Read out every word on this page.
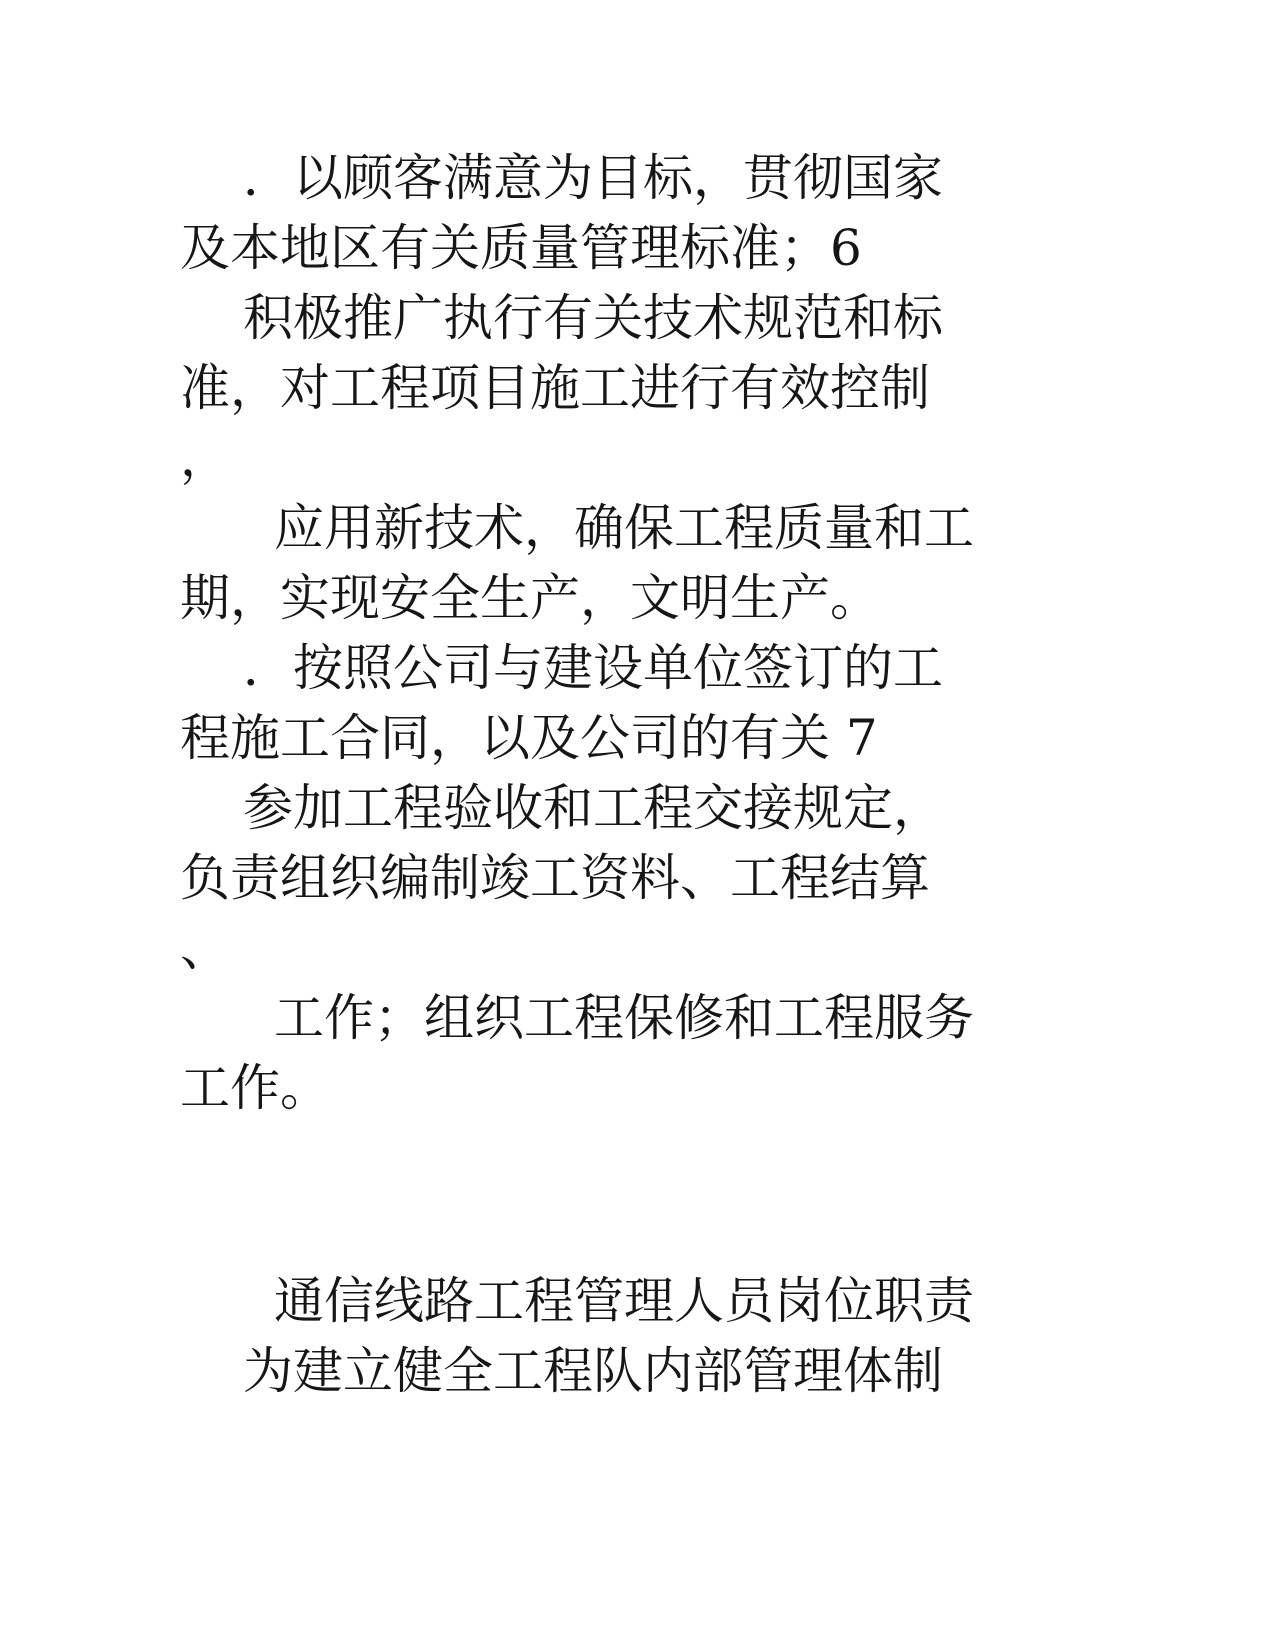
．以顾客满意为目标，贯彻国家
及本地区有关质量管理标准；6
积极推广执行有关技术规范和标
准，对工程项目施工进行有效控制
，
应用新技术，确保工程质量和工
期，实现安全生产，文明生产。
．按照公司与建设单位签订的工
程施工合同，以及公司的有关 7
参加工程验收和工程交接规定，
负责组织编制竣工资料、工程结算
、
工作；组织工程保修和工程服务
工作。
通信线路工程管理人员岗位职责
为建立健全工程队内部管理体制
